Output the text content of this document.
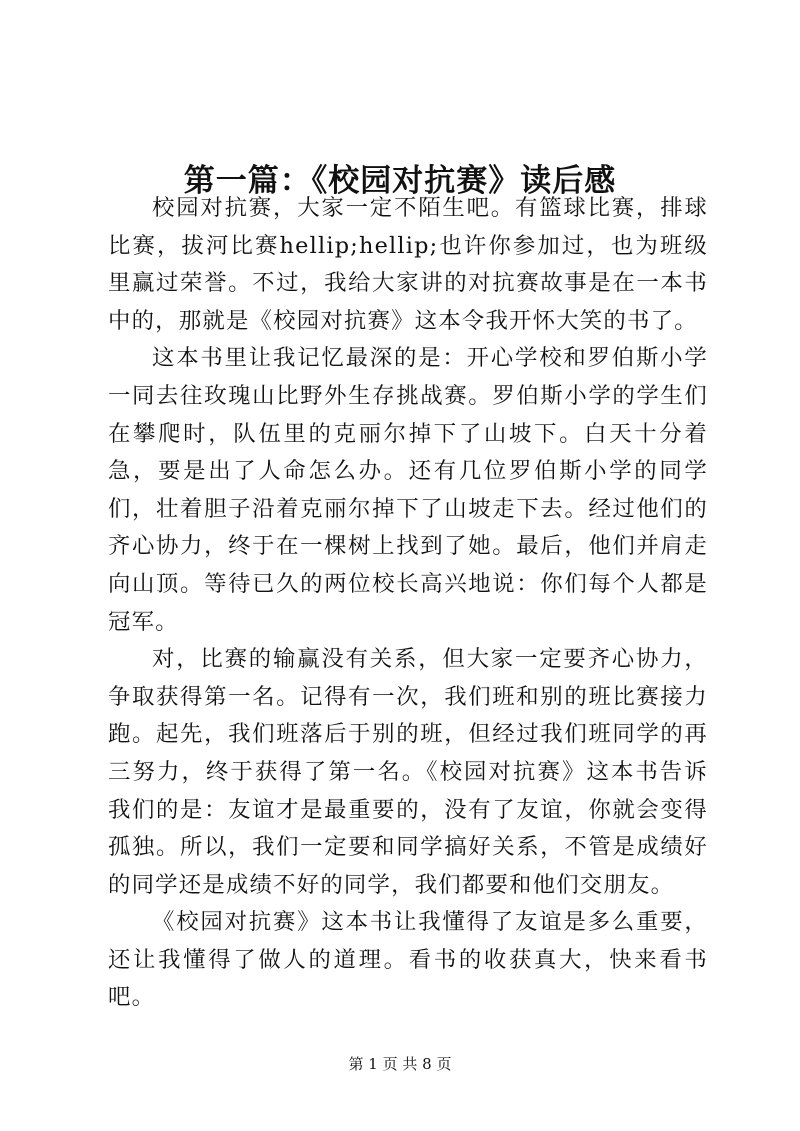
第一篇：《校园对抗赛》读后感

校园对抗赛，大家一定不陌生吧。有篮球比赛，排球比赛，拔河比赛hellip;hellip;也许你参加过，也为班级里赢过荣誉。不过，我给大家讲的对抗赛故事是在一本书中的，那就是《校园对抗赛》这本令我开怀大笑的书了。

这本书里让我记忆最深的是：开心学校和罗伯斯小学一同去往玫瑰山比野外生存挑战赛。罗伯斯小学的学生们在攀爬时，队伍里的克丽尔掉下了山坡下。白天十分着急，要是出了人命怎么办。还有几位罗伯斯小学的同学们，壮着胆子沿着克丽尔掉下了山坡走下去。经过他们的齐心协力，终于在一棵树上找到了她。最后，他们并肩走向山顶。等待已久的两位校长高兴地说：你们每个人都是冠军。

对，比赛的输赢没有关系，但大家一定要齐心协力，争取获得第一名。记得有一次，我们班和别的班比赛接力跑。起先，我们班落后于别的班，但经过我们班同学的再三努力，终于获得了第一名。《校园对抗赛》这本书告诉我们的是：友谊才是最重要的，没有了友谊，你就会变得孤独。所以，我们一定要和同学搞好关系，不管是成绩好的同学还是成绩不好的同学，我们都要和他们交朋友。

《校园对抗赛》这本书让我懂得了友谊是多么重要，还让我懂得了做人的道理。看书的收获真大，快来看书吧。

第 1 页 共 8 页
